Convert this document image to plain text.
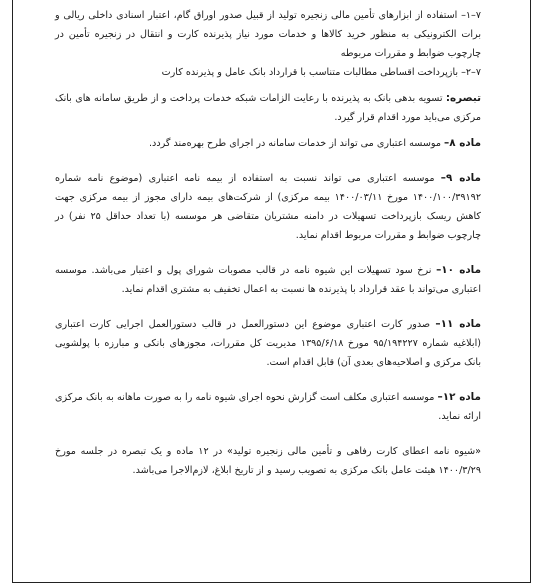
۷–۱– استفاده از ابزارهای تأمین مالی زنجیره تولید از قبیل صدور اوراق گام، اعتبار اسنادی داخلی ریالی و برات الکترونیکی به منظور خرید کالاها و خدمات مورد نیاز پذیرنده کارت و انتقال در زنجیره تأمین در چارچوب ضوابط و مقررات مربوطه

۷–۲– بازپرداخت اقساطی مطالبات متناسب با قرارداد بانک عامل و پذیرنده کارت

تبصره: تسویه بدهی بانک به پذیرنده با رعایت الزامات شبکه خدمات پرداخت و از طریق سامانه های بانک مرکزی می‌باید مورد اقدام قرار گیرد.

ماده ۸– موسسه اعتباری می تواند از خدمات سامانه در اجرای طرح بهره‌مند گردد.

ماده ۹– موسسه اعتباری می تواند نسبت به استفاده از بیمه نامه اعتباری (موضوع نامه شماره ۱۴۰۰/۱۰۰/۳۹۱۹۲ مورخ ۱۴۰۰/۰۳/۱۱ بیمه مرکزی) از شرکت‌های بیمه دارای مجوز از بیمه مرکزی جهت کاهش ریسک بازپرداخت تسهیلات در دامنه مشتریان متقاضی هر موسسه (با تعداد حداقل ۲۵ نفر) در چارچوب ضوابط و مقررات مربوط اقدام نماید.

ماده ۱۰– نرخ سود تسهیلات این شیوه نامه در قالب مصوبات شورای پول و اعتبار می‌باشد. موسسه اعتباری می‌تواند با عقد قرارداد با پذیرنده ها نسبت به اعمال تخفیف به مشتری اقدام نماید.

ماده ۱۱– صدور کارت اعتباری موضوع این دستورالعمل در قالب دستورالعمل اجرایی کارت اعتباری (ابلاغیه شماره ۹۵/۱۹۴۲۲۷ مورخ ۱۳۹۵/۶/۱۸ مدیریت کل مقررات، مجوزهای بانکی و مبارزه با پولشویی بانک مرکزی و اصلاحیه‌های بعدی آن) قابل اقدام است.

ماده ۱۲– موسسه اعتباری مکلف است گزارش نحوه اجرای شیوه نامه را به صورت ماهانه به بانک مرکزی ارائه نماید.

«شیوه نامه اعطای کارت رفاهی و تأمین مالی زنجیره تولید» در ۱۲ ماده و یک تبصره در جلسه مورخ ۱۴۰۰/۳/۲۹ هیئت عامل بانک مرکزی به تصویب رسید و از تاریخ ابلاغ، لازم‌الاجرا می‌باشد.
